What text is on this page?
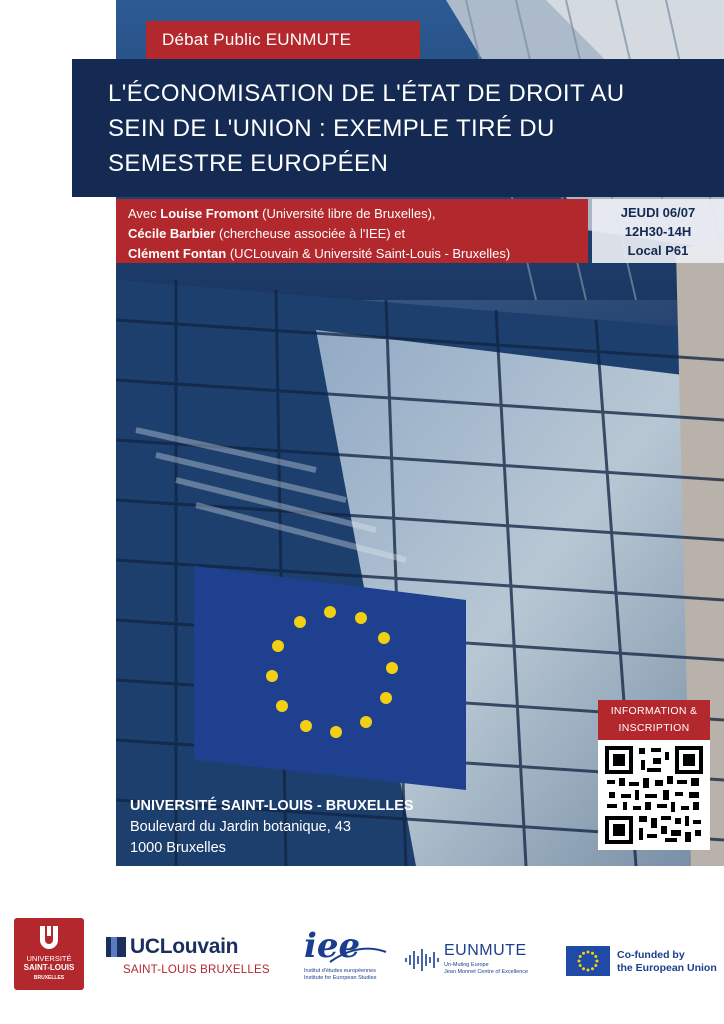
Débat Public EUNMUTE
L'ÉCONOMISATION DE L'ÉTAT DE DROIT AU SEIN DE L'UNION : EXEMPLE TIRÉ DU SEMESTRE EUROPÉEN
Avec Louise Fromont (Université libre de Bruxelles),
Cécile Barbier (chercheuse associée à l'IEE) et
Clément Fontan (UCLouvain & Université Saint-Louis - Bruxelles)
JEUDI 06/07
12H30-14H
Local P61
INFORMATION &
INSCRIPTION
UNIVERSITÉ SAINT-LOUIS - BRUXELLES
Boulevard du Jardin botanique, 43
1000 Bruxelles
UNIVERSITÉ
SAINT-LOUIS
BRUXELLES
UCLouvain
SAINT-LOUIS BRUXELLES
iee
Institut d'études européennes
Institute for European Studies
EUNMUTE
Un-Muting Europe
Jean Monnet Centre of Excellence
Co-funded by
the European Union
